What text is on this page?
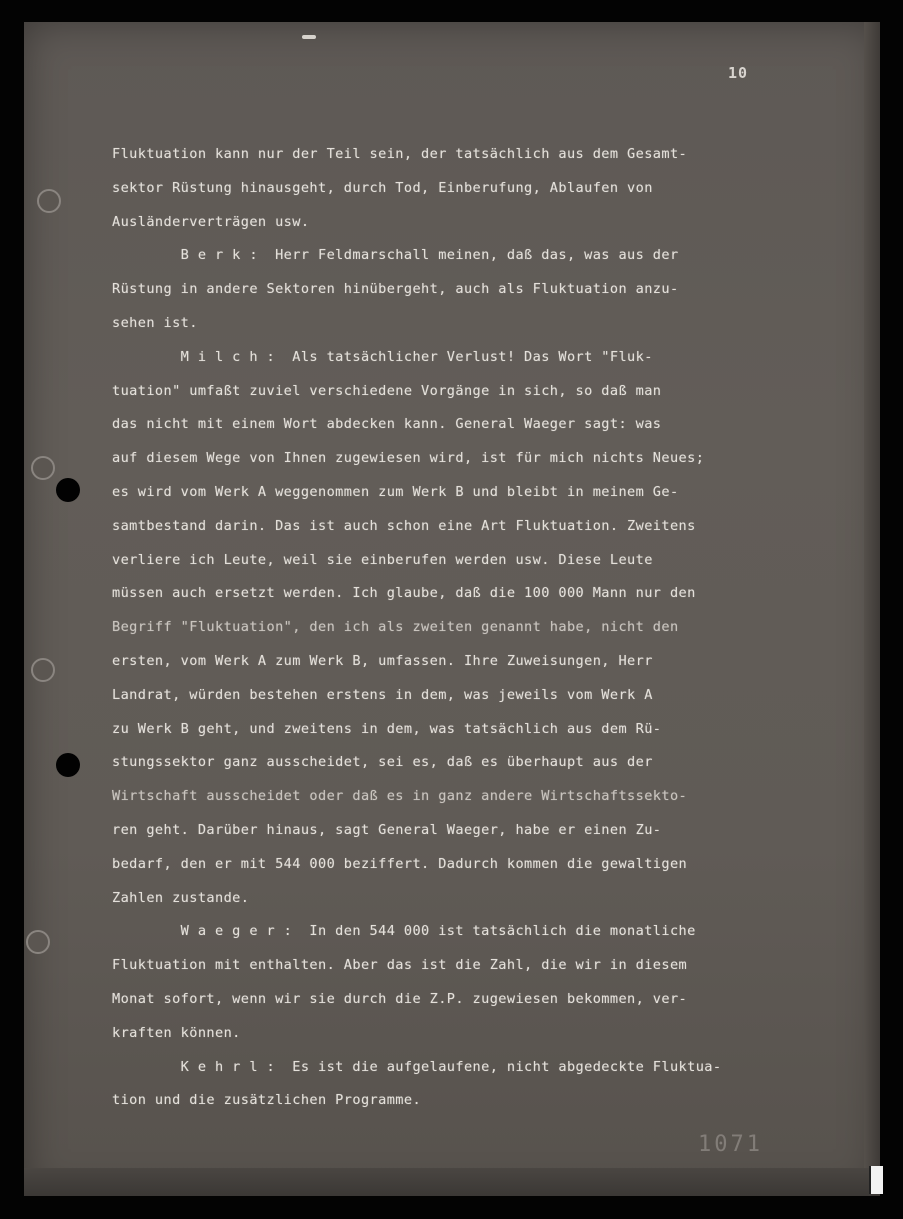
10
Fluktuation kann nur der Teil sein, der tatsächlich aus dem Gesamt-
sektor Rüstung hinausgeht, durch Tod, Einberufung, Ablaufen von
Ausländerverträgen usw.
B e r k :  Herr Feldmarschall meinen, daß das, was aus der
Rüstung in andere Sektoren hinübergeht, auch als Fluktuation anzu-
sehen ist.
M i l c h :  Als tatsächlicher Verlust! Das Wort "Fluk-
tuation" umfaßt zuviel verschiedene Vorgänge in sich, so daß man
das nicht mit einem Wort abdecken kann. General Waeger sagt: was
auf diesem Wege von Ihnen zugewiesen wird, ist für mich nichts Neues;
es wird vom Werk A weggenommen zum Werk B und bleibt in meinem Ge-
samtbestand darin. Das ist auch schon eine Art Fluktuation. Zweitens
verliere ich Leute, weil sie einberufen werden usw. Diese Leute
müssen auch ersetzt werden. Ich glaube, daß die 100 000 Mann nur den
Begriff "Fluktuation", den ich als zweiten genannt habe, nicht den
ersten, vom Werk A zum Werk B, umfassen. Ihre Zuweisungen, Herr
Landrat, würden bestehen erstens in dem, was jeweils vom Werk A
zu Werk B geht, und zweitens in dem, was tatsächlich aus dem Rü-
stungssektor ganz ausscheidet, sei es, daß es überhaupt aus der
Wirtschaft ausscheidet oder daß es in ganz andere Wirtschaftssekto-
ren geht. Darüber hinaus, sagt General Waeger, habe er einen Zu-
bedarf, den er mit 544 000 beziffert. Dadurch kommen die gewaltigen
Zahlen zustande.
W a e g e r :  In den 544 000 ist tatsächlich die monatliche
Fluktuation mit enthalten. Aber das ist die Zahl, die wir in diesem
Monat sofort, wenn wir sie durch die Z.P. zugewiesen bekommen, ver-
kraften können.
K e h r l :  Es ist die aufgelaufene, nicht abgedeckte Fluktua-
tion und die zusätzlichen Programme.
1071
